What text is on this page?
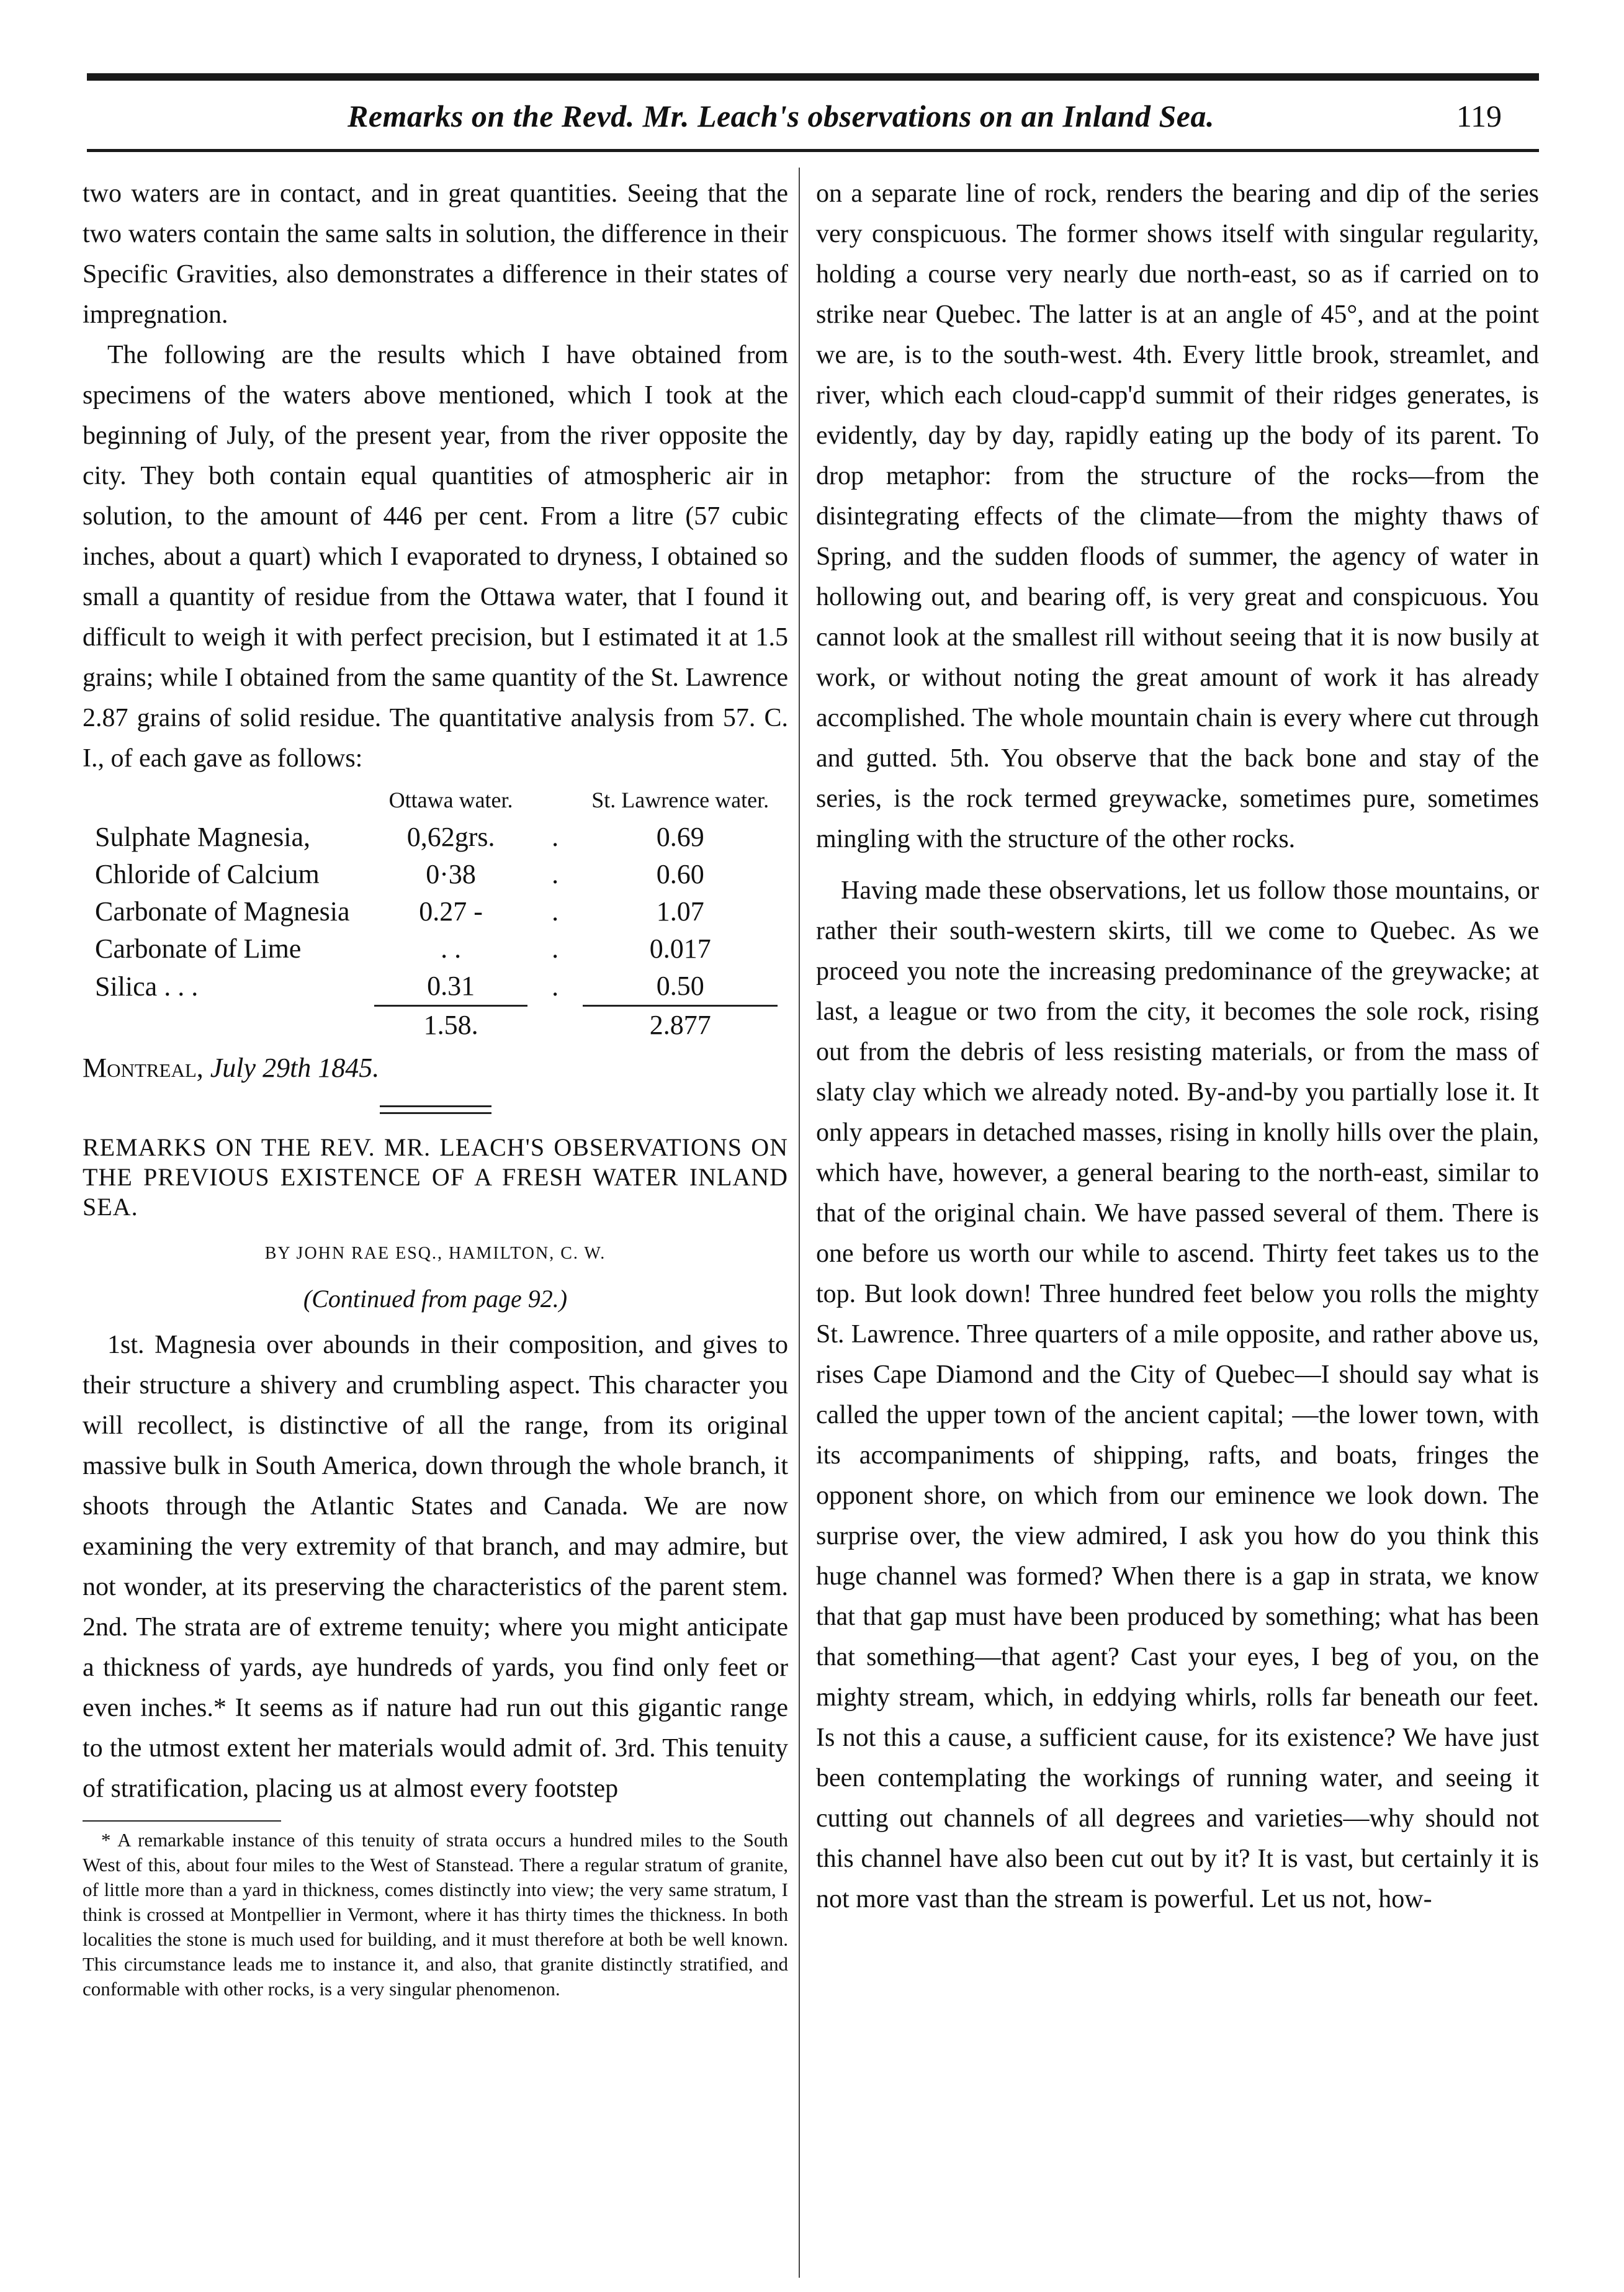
Remarks on the Revd. Mr. Leach's observations on an Inland Sea.	119

two waters are in contact, and in great quantities. Seeing that the two waters contain the same salts in solution, the difference in their Specific Gravities, also demonstrates a difference in their states of impregnation.

The following are the results which I have obtained from specimens of the waters above mentioned, which I took at the beginning of July, of the present year, from the river opposite the city. They both contain equal quantities of atmospheric air in solution, to the amount of 446 per cent. From a litre (57 cubic inches, about a quart) which I evaporated to dryness, I obtained so small a quantity of residue from the Ottawa water, that I found it difficult to weigh it with perfect precision, but I estimated it at 1.5 grains; while I obtained from the same quantity of the St. Lawrence 2.87 grains of solid residue. The quantitative analysis from 57. C. I., of each gave as follows:

	Ottawa water.		St. Lawrence water.
Sulphate Magnesia,	0,62grs.	.	0.69
Chloride of Calcium	0·38	.	0.60
Carbonate of Magnesia	0.27 -	.	1.07
Carbonate of Lime	. .	.	0.017
Silica . . .	0.31	.	0.50
	1.58.		2.877

Montreal, July 29th 1845.

REMARKS ON THE REV. MR. LEACH'S OBSERVATIONS ON THE PREVIOUS EXISTENCE OF A FRESH WATER INLAND SEA.

BY JOHN RAE ESQ., HAMILTON, C. W.

(Continued from page 92.)

1st. Magnesia over abounds in their composition, and gives to their structure a shivery and crumbling aspect. This character you will recollect, is distinctive of all the range, from its original massive bulk in South America, down through the whole branch, it shoots through the Atlantic States and Canada. We are now examining the very extremity of that branch, and may admire, but not wonder, at its preserving the characteristics of the parent stem. 2nd. The strata are of extreme tenuity; where you might anticipate a thickness of yards, aye hundreds of yards, you find only feet or even inches.* It seems as if nature had run out this gigantic range to the utmost extent her materials would admit of. 3rd. This tenuity of stratification, placing us at almost every footstep

* A remarkable instance of this tenuity of strata occurs a hundred miles to the South West of this, about four miles to the West of Stanstead. There a regular stratum of granite, of little more than a yard in thickness, comes distinctly into view; the very same stratum, I think is crossed at Montpellier in Vermont, where it has thirty times the thickness. In both localities the stone is much used for building, and it must therefore at both be well known. This circumstance leads me to instance it, and also, that granite distinctly stratified, and conformable with other rocks, is a very singular phenomenon.

on a separate line of rock, renders the bearing and dip of the series very conspicuous. The former shows itself with singular regularity, holding a course very nearly due north-east, so as if carried on to strike near Quebec. The latter is at an angle of 45°, and at the point we are, is to the south-west. 4th. Every little brook, streamlet, and river, which each cloud-capp'd summit of their ridges generates, is evidently, day by day, rapidly eating up the body of its parent. To drop metaphor: from the structure of the rocks—from the disintegrating effects of the climate—from the mighty thaws of Spring, and the sudden floods of summer, the agency of water in hollowing out, and bearing off, is very great and conspicuous. You cannot look at the smallest rill without seeing that it is now busily at work, or without noting the great amount of work it has already accomplished. The whole mountain chain is every where cut through and gutted. 5th. You observe that the back bone and stay of the series, is the rock termed greywacke, sometimes pure, sometimes mingling with the structure of the other rocks.

Having made these observations, let us follow those mountains, or rather their south-western skirts, till we come to Quebec. As we proceed you note the increasing predominance of the greywacke; at last, a league or two from the city, it becomes the sole rock, rising out from the debris of less resisting materials, or from the mass of slaty clay which we already noted. By-and-by you partially lose it. It only appears in detached masses, rising in knolly hills over the plain, which have, however, a general bearing to the north-east, similar to that of the original chain. We have passed several of them. There is one before us worth our while to ascend. Thirty feet takes us to the top. But look down! Three hundred feet below you rolls the mighty St. Lawrence. Three quarters of a mile opposite, and rather above us, rises Cape Diamond and the City of Quebec—I should say what is called the upper town of the ancient capital; —the lower town, with its accompaniments of shipping, rafts, and boats, fringes the opponent shore, on which from our eminence we look down. The surprise over, the view admired, I ask you how do you think this huge channel was formed? When there is a gap in strata, we know that that gap must have been produced by something; what has been that something—that agent? Cast your eyes, I beg of you, on the mighty stream, which, in eddying whirls, rolls far beneath our feet. Is not this a cause, a sufficient cause, for its existence? We have just been contemplating the workings of running water, and seeing it cutting out channels of all degrees and varieties—why should not this channel have also been cut out by it? It is vast, but certainly it is not more vast than the stream is powerful. Let us not, how-
